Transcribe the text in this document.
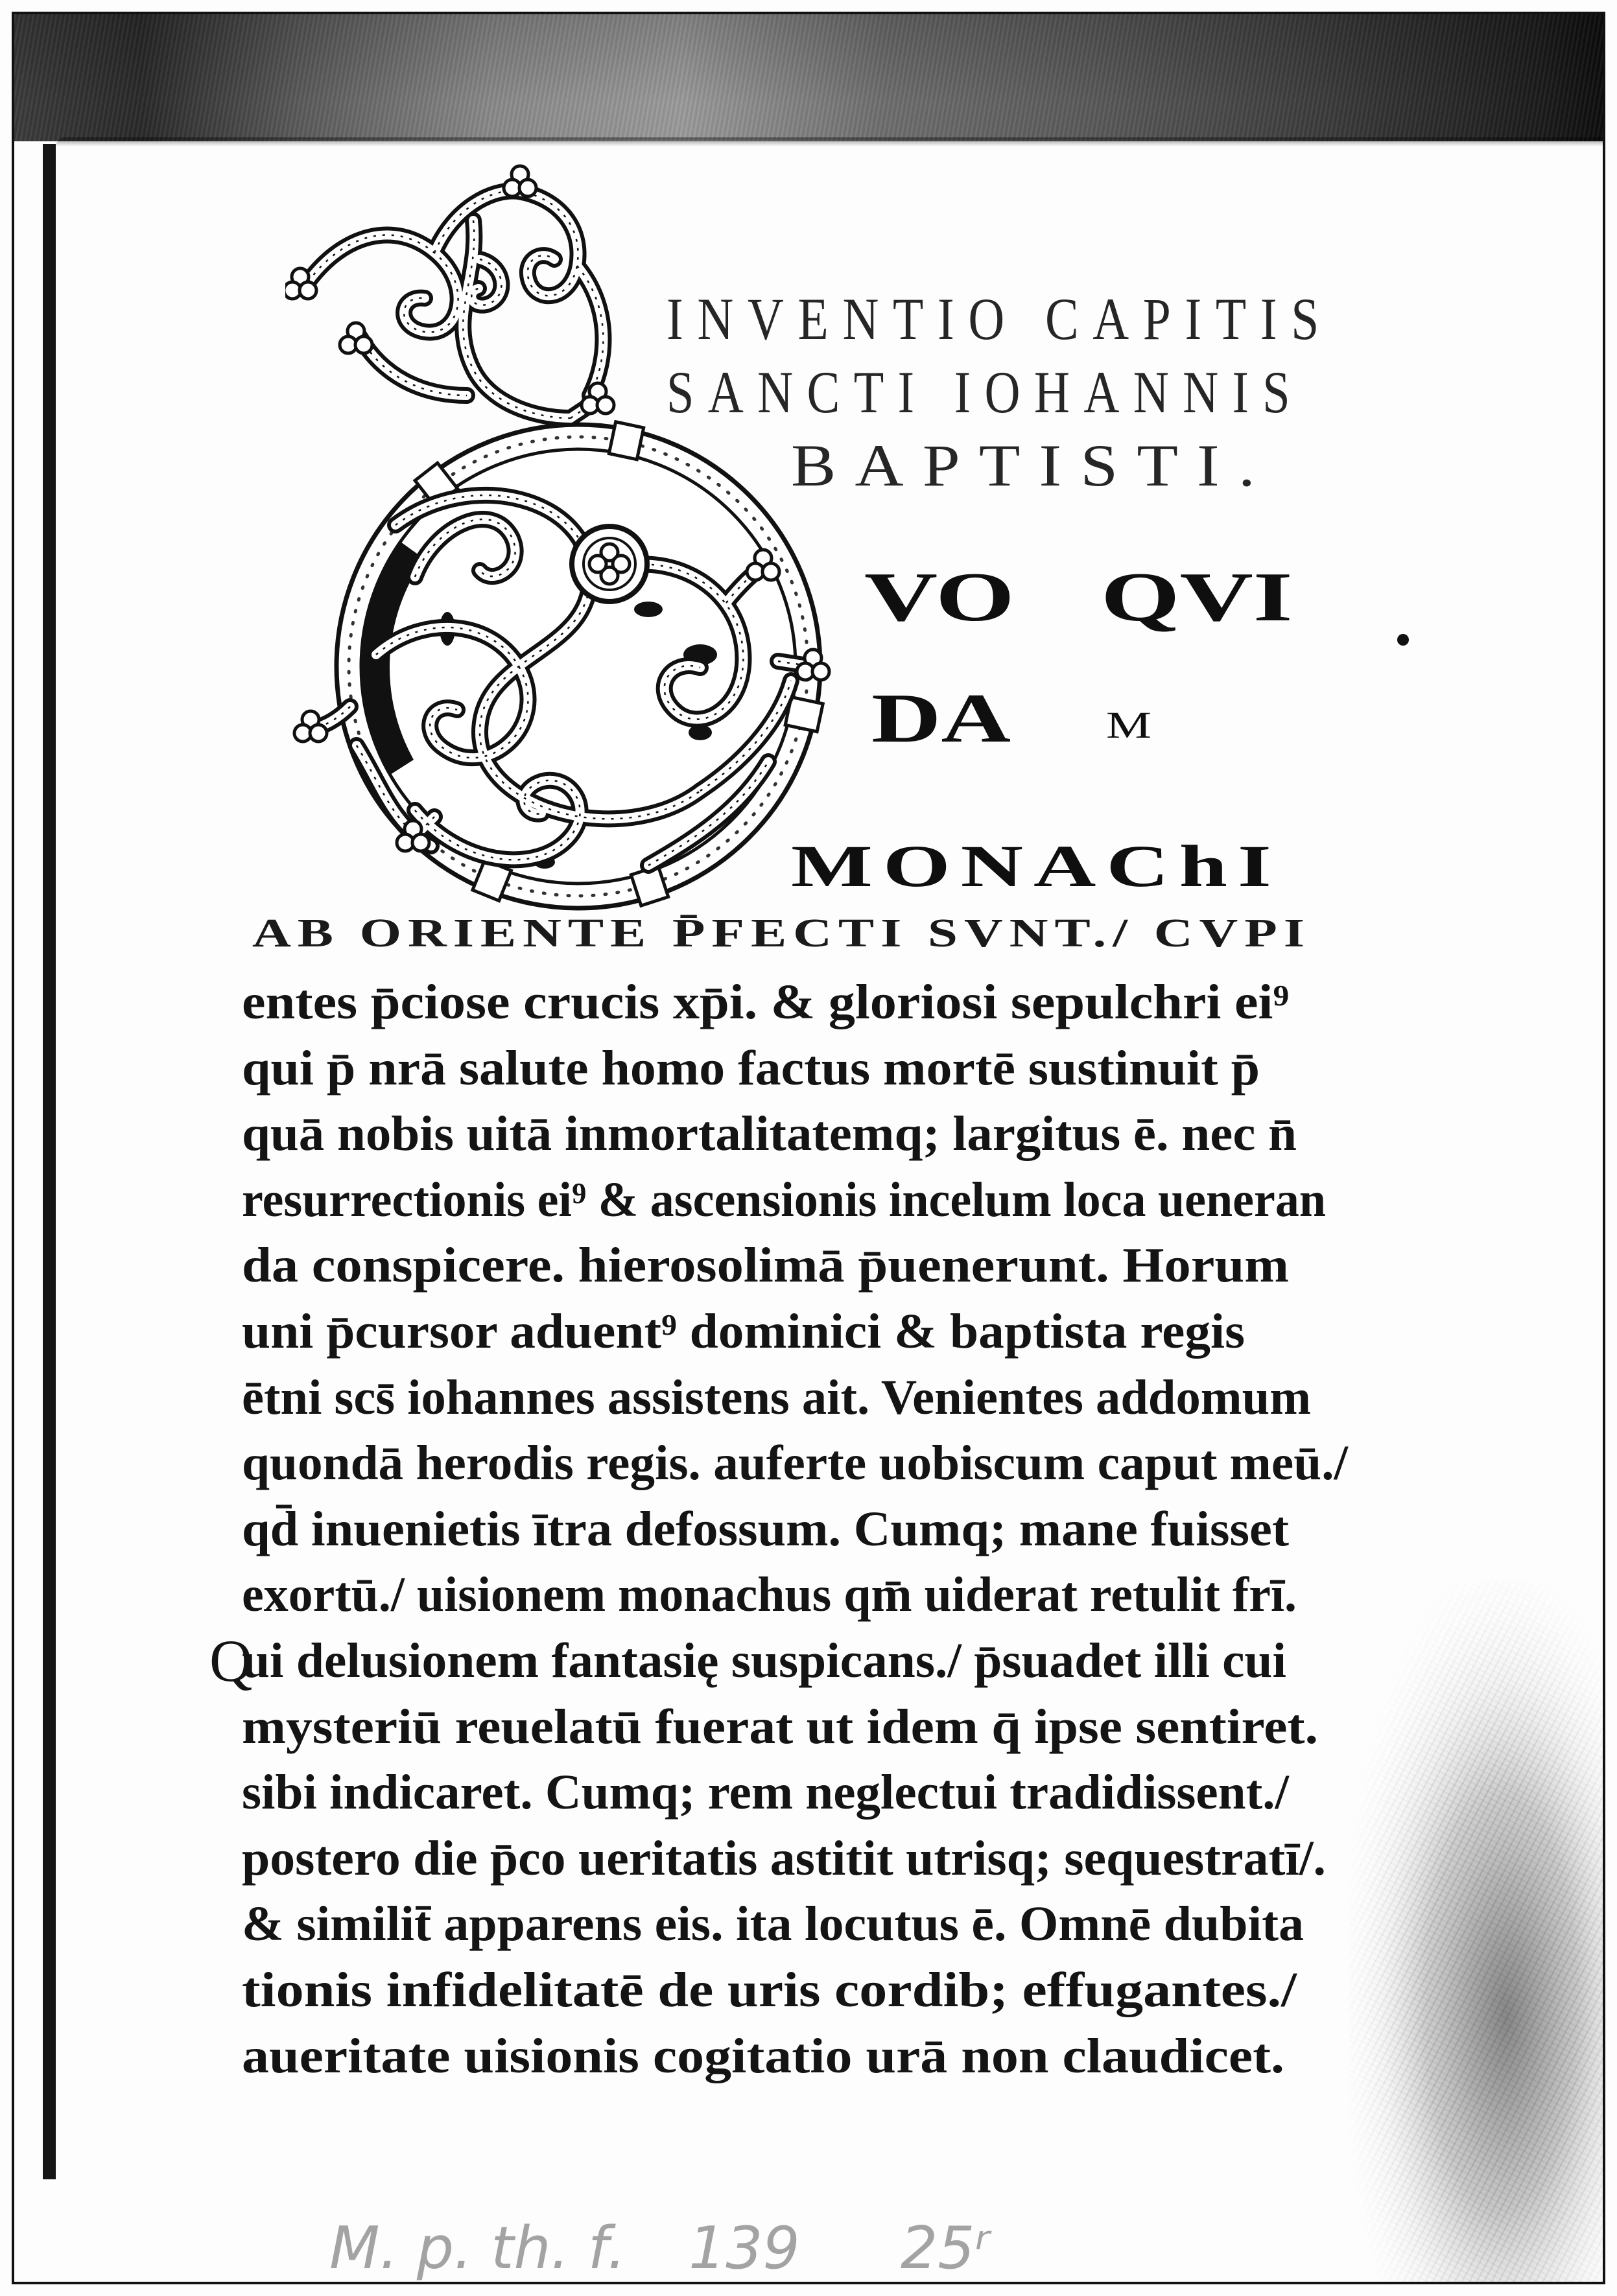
INVENTIO CAPITIS
SANCTI IOHANNIS
BAPTISTI.
VO QVI
DA	M
MONAChI
AB ORIENTE P̄FECTI SVNT./ CVPI
entes p̄ciose crucis xp̄i. & gloriosi sepulchri ei⁹
qui p̄ nrā salute homo factus mortē sustinuit p̄
quā nobis uitā inmortalitatemq; largitus ē. nec n̄
resurrectionis ei⁹ & ascensionis incelum loca ueneran
da conspicere. hierosolimā p̄uenerunt. Horum
uni p̄cursor aduent⁹ dominici & baptista regis
ētni scs̄ iohannes assistens ait. Venientes addomum
quondā herodis regis. auferte uobiscum caput meū./
qd̄ inuenietis ītra defossum. Cumq; mane fuisset
exortū./ uisionem monachus qm̄ uiderat retulit frī.
Q
ui delusionem fantasię suspicans./ p̄suadet illi cui
mysteriū reuelatū fuerat ut idem q̄ ipse sentiret.
sibi indicaret. Cumq; rem neglectui tradidissent./
postero die p̄co ueritatis astitit utrisq; sequestratī/.
& similit̄ apparens eis. ita locutus ē. Omnē dubita
tionis infidelitatē de uris cordib; effugantes./
aueritate uisionis cogitatio urā non claudicet.
M. p. th. f. 139 25ʳ
